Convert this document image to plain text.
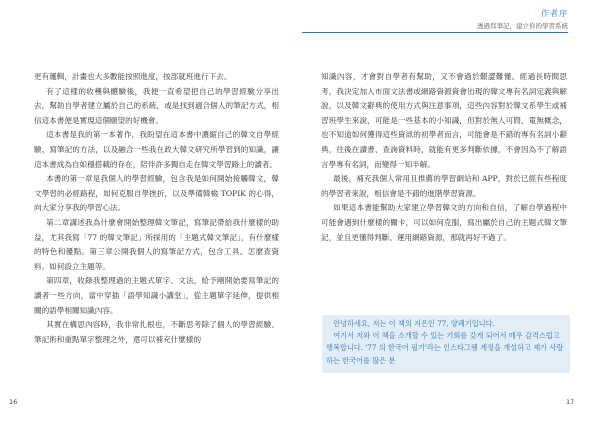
作者序
透過寫筆記，建立你的學習系統

更有邏輯，計畫也大多數能按照進度，按部就班進行下去。

有了這樣的收穫與體驗後，我便一直希望把自己的學習經驗分享出去，幫助自學者建立屬於自己的系統，或是找到適合個人的筆記方式，相信這本書便是實現這個願望的好機會。

這本書是我的第一本著作，我盼望在這本書中濃縮自己的韓文自學經驗、寫筆記的方法，以及融合一些我在政大韓文研究所學習到的知識，讓這本書成為自如穩搭載的存在，陪伴許多獨自走在韓文學習路上的讀者。

本書的第一章是我個人的學習經驗，包含我是如何開始接觸韓文，韓文學習的必經路程，如何克服自學挫折，以及準備韓檢 TOPIK 的心得，向大家分享我的學習心法。

第二章講述我為什麼會開始整理韓文筆記，寫筆記帶給我什麼樣的助益，尤其我寫「77 的韓文筆記」所採用的「主題式韓文筆記」，有什麼樣的特色和優點。第三章公開我個人的寫筆記方式，包含工具、怎麼查資料、如何設立主題等。

第四章，收錄我整理過的主題式單字、文法，給予剛開始要寫筆記的讀者一些方向，當中穿插「語學知識小講堂」，從主題單字延伸，提供相關的語學相關知識內容。

其實在構思內容時，我非常扎根也，不斷思考除了個人的學習經驗、筆記術和重點單字整理之外，還可以補充什麼樣的

知識內容，才會對自學者有幫助，又不會過於艱澀難懂。經過長時間思考，我決定加入市面文法書或網路資源資會出現的韓文專有名詞定義與解說，以及韓文辭典的使用方式與注意事項，這些內容對於韓文系學生或補習班學生來說，可能是一些基本的小知識，但對於無人可問、電無概念，也不知道如何獲得這些資訊的初學者而言，可能會是不錯的專有名詞小辭典，往後在讀書、查詢資料時，就能有更多判斷依據，不會因為不了解語言學專有名詞，而變得一知半解。

最後，補充我個人常用且推薦的學習網站和 APP，對於已經有些程度的學習者來說，相信會是不錯的進階學習資源。

如果這本書能幫助大家建立學習韓文的方向和自信，了解自學過程中可能會遇到什麼樣的關卡，可以如何克服，寫出屬於自己的主題式韓文筆記，並且更懂得判斷、運用網路資源，那就再好不過了。

안녕하세요, 저는 이 책의 지은인 77, 양쾌기입니다.

여기서 저와 이 책을 소개할 수 있는 기회를 갖게 되어서 매우 감격스럽고 행복합니다. '77 의 한국어 필기'라는 인스타그램 계정을 개설하고 제가 사랑하는 한국어를 많은 분

16	17
